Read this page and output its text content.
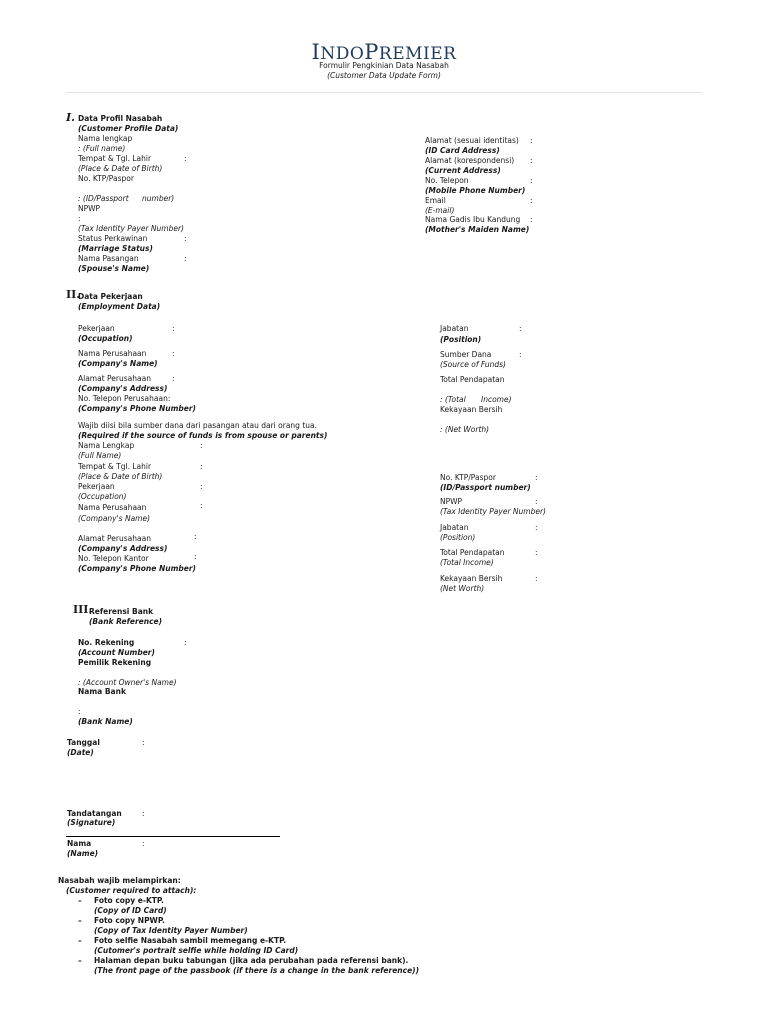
INDOPREMIER
Formulir Pengkinian Data Nasabah
(Customer Data Update Form)
I. Data Profil Nasabah
(Customer Profile Data)
Nama lengkap
: (Full name)
Tempat & Tgl. Lahir	:
(Place & Date of Birth)
No. KTP/Paspor
: (ID/Passport number)
NPWP
:
(Tax Identity Payer Number)
Status Perkawinan	:
(Marriage Status)
Nama Pasangan	:
(Spouse's Name)
Alamat (sesuai identitas) :
(ID Card Address)
Alamat (korespondensi) :
(Current Address)
No. Telepon	:
(Mobile Phone Number)
Email	:
(E-mail)
Nama Gadis Ibu Kandung :
(Mother's Maiden Name)
II.
Data Pekerjaan
(Employment Data)
Pekerjaan	:
(Occupation)
Nama Perusahaan	:
(Company's Name)
Alamat Perusahaan	:
(Company's Address)
No. Telepon Perusahaan:
(Company's Phone Number)
Jabatan	:
(Position)
Sumber Dana	:
(Source of Funds)
Total Pendapatan
: (Total Income)
Kekayaan Bersih
: (Net Worth)
Wajib diisi bila sumber dana dari pasangan atau dari orang tua.
(Required if the source of funds is from spouse or parents)
Nama Lengkap	:
(Full Name)
Tempat & Tgl. Lahir	:
(Place & Date of Birth)
Pekerjaan	:
(Occupation)
Nama Perusahaan	:
(Company's Name)
Alamat Perusahaan	:
(Company's Address)
No. Telepon Kantor	:
(Company's Phone Number)
No. KTP/Paspor	:
(ID/Passport number)
NPWP	:
(Tax Identity Payer Number)
Jabatan	:
(Position)
Total Pendapatan	:
(Total Income)
Kekayaan Bersih	:
(Net Worth)
III.
Referensi Bank
(Bank Reference)
No. Rekening	:
(Account Number)
Pemilik Rekening
: (Account Owner's Name)
Nama Bank
:
(Bank Name)
Tanggal	:
(Date)
Tandatangan	:
(Signature)
Nama	:
(Name)
Nasabah wajib melampirkan:
(Customer required to attach):
– Foto copy e-KTP.
(Copy of ID Card)
– Foto copy NPWP.
(Copy of Tax Identity Payer Number)
– Foto selfie Nasabah sambil memegang e-KTP.
(Cutomer's portrait selfie while holding ID Card)
– Halaman depan buku tabungan (jika ada perubahan pada referensi bank).
(The front page of the passbook (if there is a change in the bank reference))
